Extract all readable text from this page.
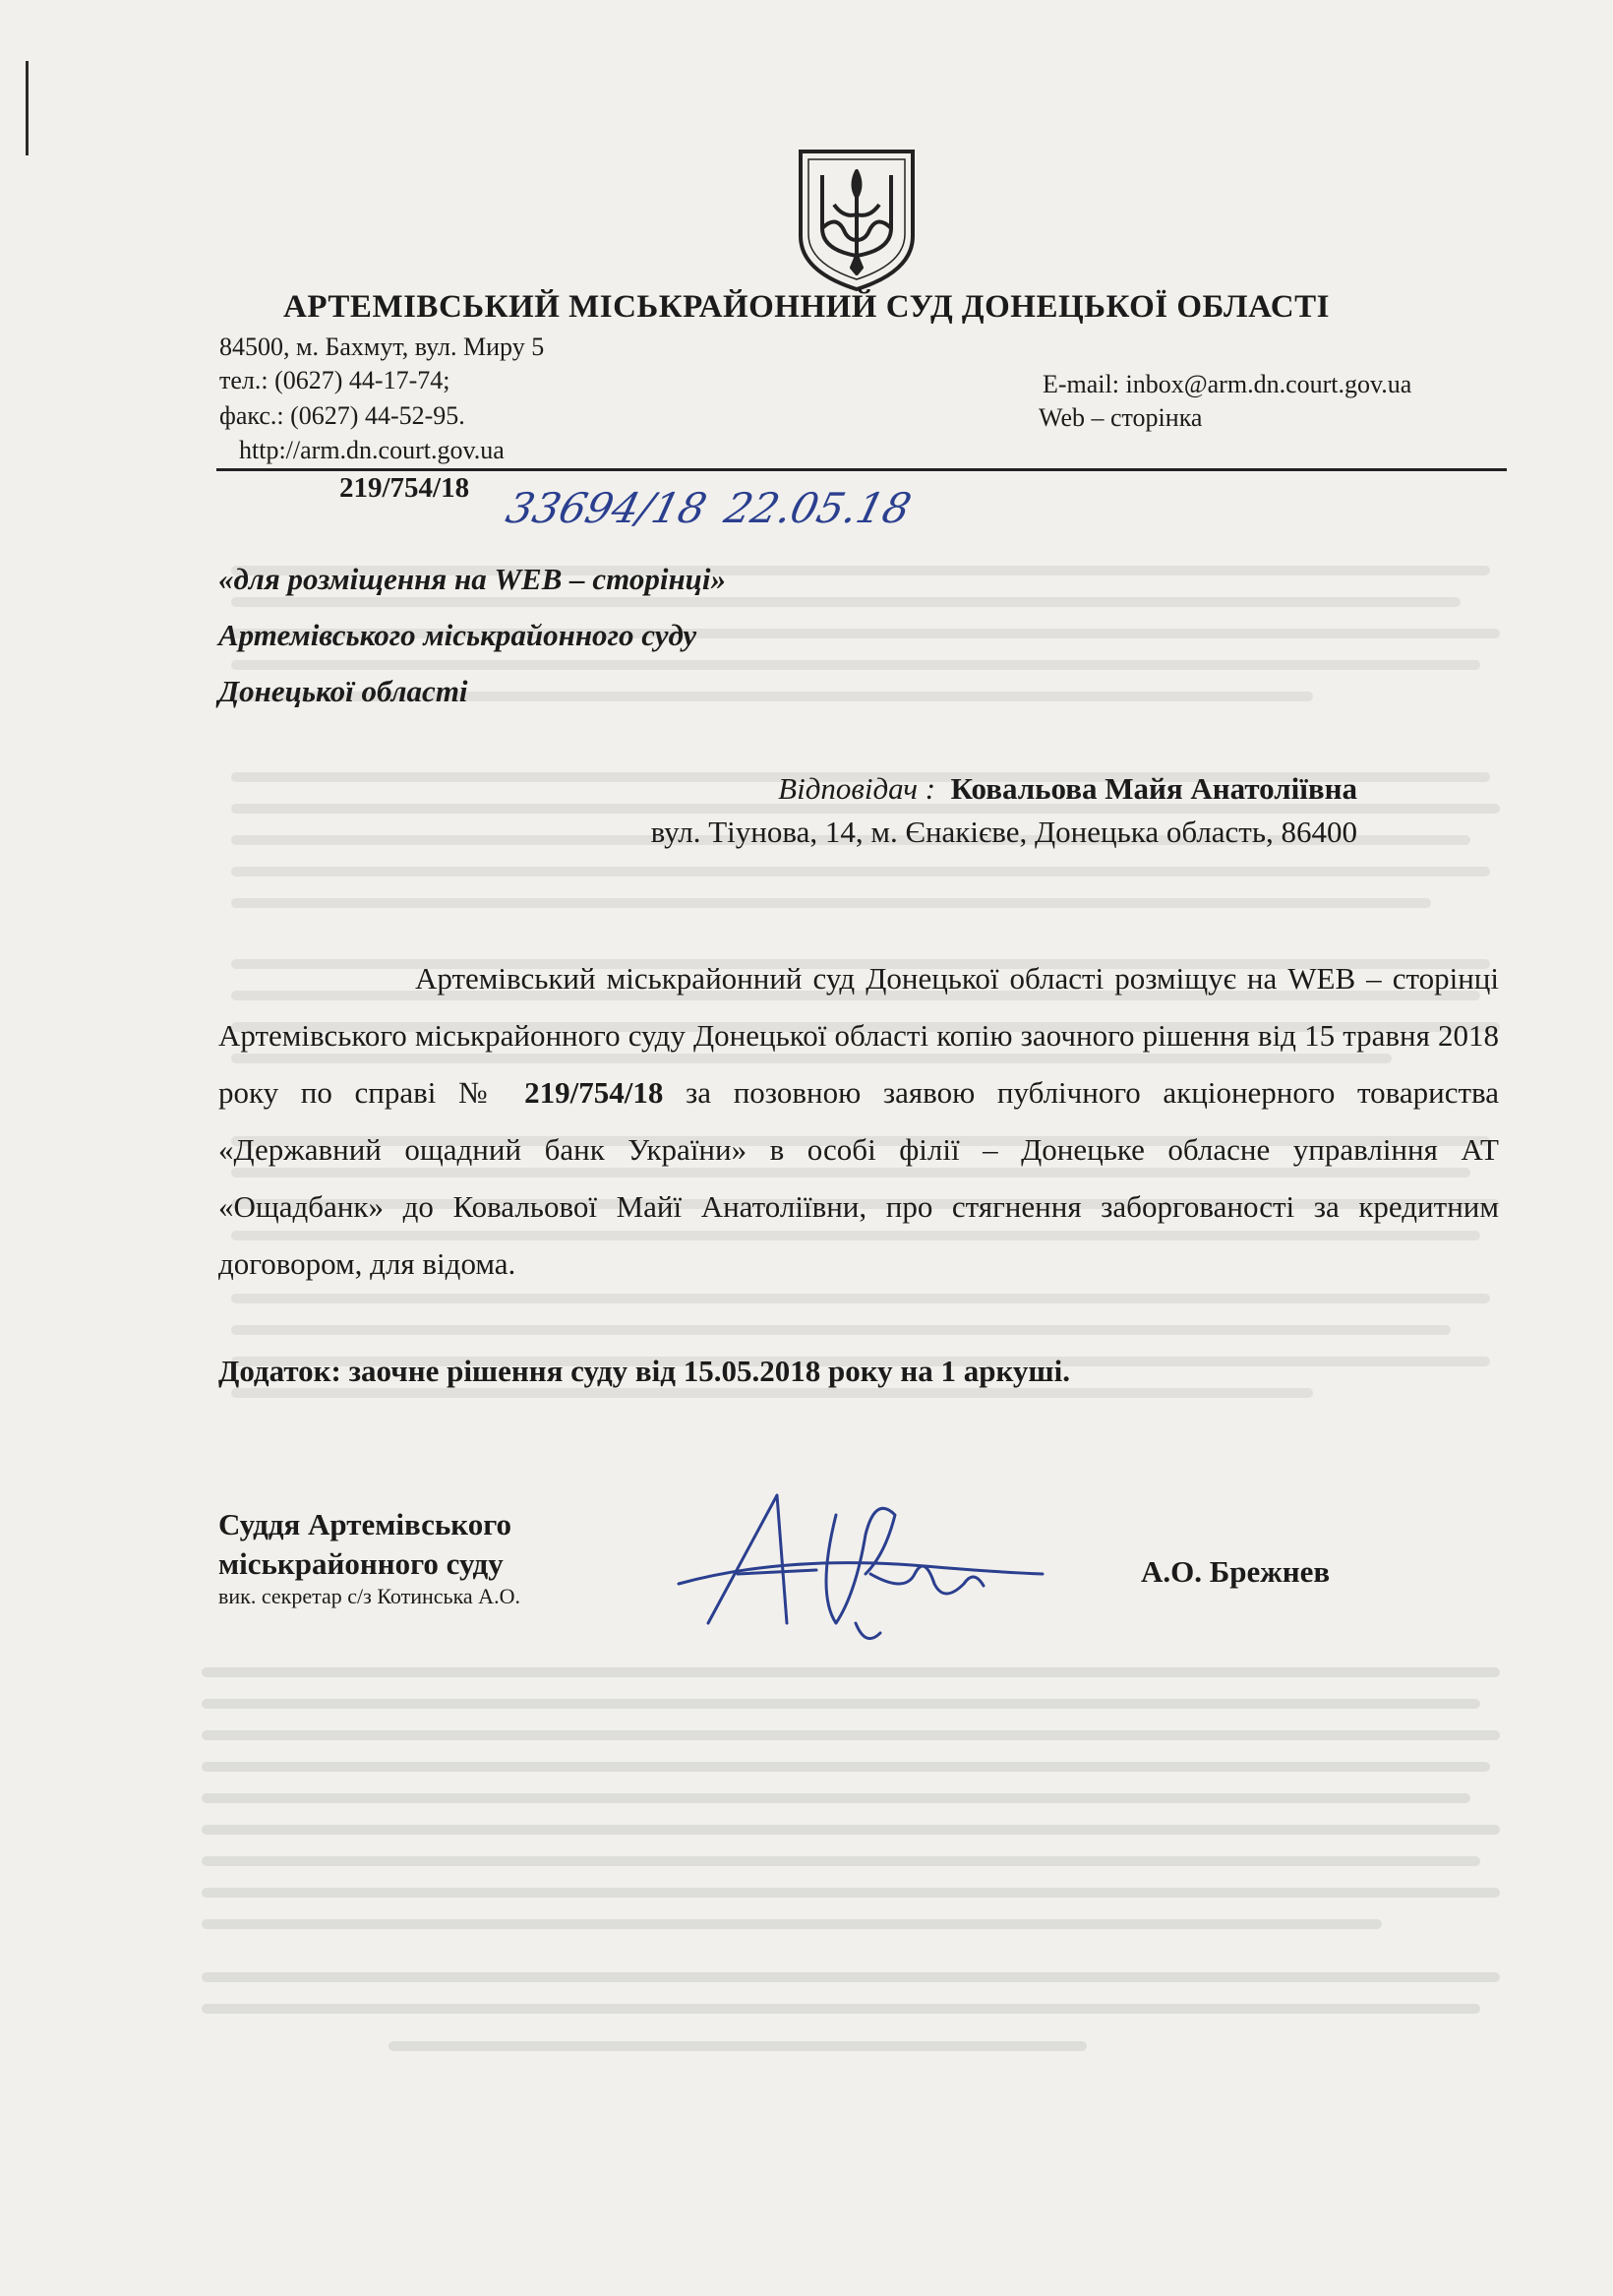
АРТЕМІВСЬКИЙ МІСЬКРАЙОННИЙ СУД ДОНЕЦЬКОЇ ОБЛАСТІ
84500, м. Бахмут, вул. Миру 5
тел.: (0627) 44-17-74;
факс.: (0627) 44-52-95.
http://arm.dn.court.gov.ua
E-mail: inbox@arm.dn.court.gov.ua
Web – сторінка
219/754/18 33694/18 22.05.18
«для розміщення на WEB – сторінці»
Артемівського міськрайонного суду
Донецької області
Відповідач : Ковальова Майя Анатоліївна
вул. Тіунова, 14, м. Єнакієве, Донецька область, 86400
Артемівський міськрайонний суд Донецької області розміщує на WEB – сторінці Артемівського міськрайонного суду Донецької області копію заочного рішення від 15 травня 2018 року по справі № 219/754/18 за позовною заявою публічного акціонерного товариства «Державний ощадний банк України» в особі філії – Донецьке обласне управління АТ «Ощадбанк» до Ковальової Майї Анатоліївни, про стягнення заборгованості за кредитним договором, для відома.
Додаток: заочне рішення суду від 15.05.2018 року на 1 аркуші.
Суддя Артемівського
міськрайонного суду
вик. секретар с/з Котинська А.О.
А.О. Брежнев
